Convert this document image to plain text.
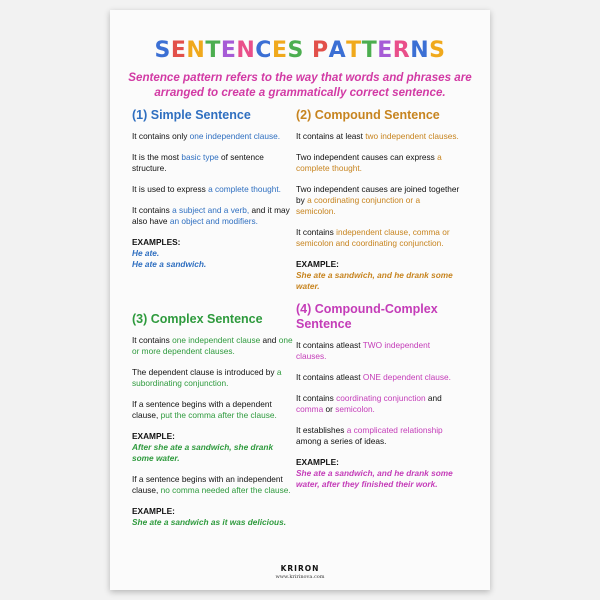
SENTENCES PATTERNS
Sentence pattern refers to the way that words and phrases are arranged to create a grammatically correct sentence.
(1) Simple Sentence

It contains only one independent clause.

It is the most basic type of sentence structure.

It is used to express a complete thought.

It contains a subject and a verb, and it may also have an object and modifiers.

EXAMPLES:

He ate.
He ate a sandwich.

(2) Compound Sentence

It contains at least two independent clauses.

Two independent causes can express a complete thought.

Two independent causes are joined together by a coordinating conjunction or a semicolon.

It contains independent clause, comma or semicolon and coordinating conjunction.

EXAMPLE:

She ate a sandwich, and he drank some water.

(3) Complex Sentence

It contains one independent clause and one or more dependent clauses.

The dependent clause is introduced by a subordinating conjunction.

If a sentence begins with a dependent clause, put the comma after the clause.

EXAMPLE:

After she ate a sandwich, she drank some water.

If a sentence begins with an independent clause, no comma needed after the clause.

EXAMPLE:

She ate a sandwich as it was delicious.

(4) Compound-Complex Sentence

It contains atleast TWO independent clauses.

It contains atleast ONE dependent clause.

It contains coordinating conjunction and comma or semicolon.

It establishes a complicated relationship among a series of ideas.

EXAMPLE:

She ate a sandwich, and he drank some water, after they finished their work.

KRIRON
www.kririnova.com
